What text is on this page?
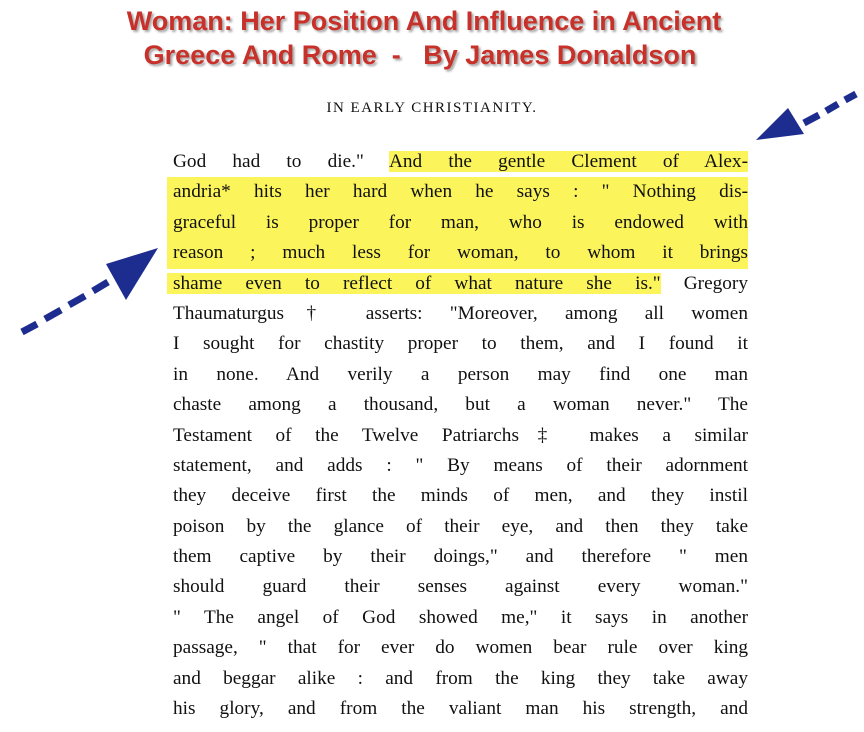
Woman: Her Position And Influence in Ancient
Greece And Rome  -   By James Donaldson
IN EARLY CHRISTIANITY.
God had to die." And the gentle Clement of Alex-
andria* hits her hard when he says : " Nothing dis-
graceful is proper for man, who is endowed with
reason ; much less for woman, to whom it brings
shame even to reflect of what nature she is." Gregory
Thaumaturgus† asserts: "Moreover, among all women
I sought for chastity proper to them, and I found it
in none. And verily a person may find one man
chaste among a thousand, but a woman never." The
Testament of the Twelve Patriarchs‡ makes a similar
statement, and adds : " By means of their adornment
they deceive first the minds of men, and they instil
poison by the glance of their eye, and then they take
them captive by their doings," and therefore " men
should guard their senses against every woman."
" The angel of God showed me," it says in another
passage, " that for ever do women bear rule over king
and beggar alike : and from the king they take away
his glory, and from the valiant man his strength, and
